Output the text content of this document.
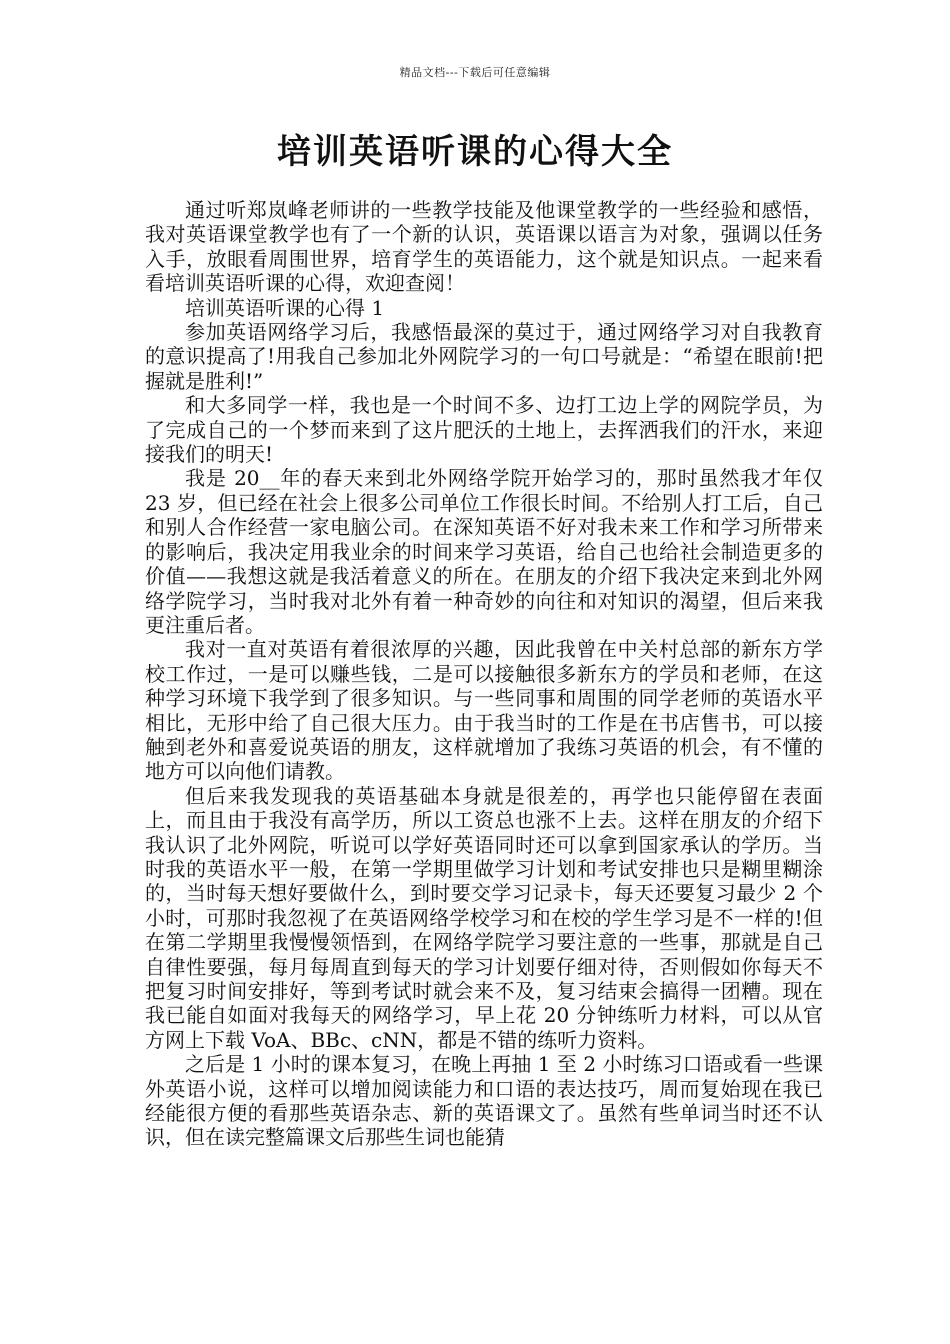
精品文档---下载后可任意编辑
培训英语听课的心得大全

通过听郑岚峰老师讲的一些教学技能及他课堂教学的一些经验和感悟，我对英语课堂教学也有了一个新的认识，英语课以语言为对象，强调以任务入手，放眼看周围世界，培育学生的英语能力，这个就是知识点。一起来看看培训英语听课的心得，欢迎查阅！

培训英语听课的心得 1

参加英语网络学习后，我感悟最深的莫过于，通过网络学习对自我教育的意识提高了!用我自己参加北外网院学习的一句口号就是：“希望在眼前!把握就是胜利!”

和大多同学一样，我也是一个时间不多、边打工边上学的网院学员，为了完成自己的一个梦而来到了这片肥沃的土地上，去挥洒我们的汗水，来迎接我们的明天!

我是 20__年的春天来到北外网络学院开始学习的，那时虽然我才年仅 23 岁，但已经在社会上很多公司单位工作很长时间。不给别人打工后，自己和别人合作经营一家电脑公司。在深知英语不好对我未来工作和学习所带来的影响后，我决定用我业余的时间来学习英语，给自己也给社会制造更多的价值——我想这就是我活着意义的所在。在朋友的介绍下我决定来到北外网络学院学习，当时我对北外有着一种奇妙的向往和对知识的渴望，但后来我更注重后者。

我对一直对英语有着很浓厚的兴趣，因此我曾在中关村总部的新东方学校工作过，一是可以赚些钱，二是可以接触很多新东方的学员和老师，在这种学习环境下我学到了很多知识。与一些同事和周围的同学老师的英语水平相比，无形中给了自己很大压力。由于我当时的工作是在书店售书，可以接触到老外和喜爱说英语的朋友，这样就增加了我练习英语的机会，有不懂的地方可以向他们请教。

但后来我发现我的英语基础本身就是很差的，再学也只能停留在表面上，而且由于我没有高学历，所以工资总也涨不上去。这样在朋友的介绍下我认识了北外网院，听说可以学好英语同时还可以拿到国家承认的学历。当时我的英语水平一般，在第一学期里做学习计划和考试安排也只是糊里糊涂的，当时每天想好要做什么，到时要交学习记录卡，每天还要复习最少 2 个小时，可那时我忽视了在英语网络学校学习和在校的学生学习是不一样的!但在第二学期里我慢慢领悟到，在网络学院学习要注意的一些事，那就是自己自律性要强，每月每周直到每天的学习计划要仔细对待，否则假如你每天不把复习时间安排好，等到考试时就会来不及，复习结束会搞得一团糟。现在我已能自如面对我每天的网络学习，早上花 20 分钟练听力材料，可以从官方网上下载 VoA、BBc、cNN，都是不错的练听力资料。

之后是 1 小时的课本复习，在晚上再抽 1 至 2 小时练习口语或看一些课外英语小说，这样可以增加阅读能力和口语的表达技巧，周而复始现在我已经能很方便的看那些英语杂志、新的英语课文了。虽然有些单词当时还不认识，但在读完整篇课文后那些生词也能猜
